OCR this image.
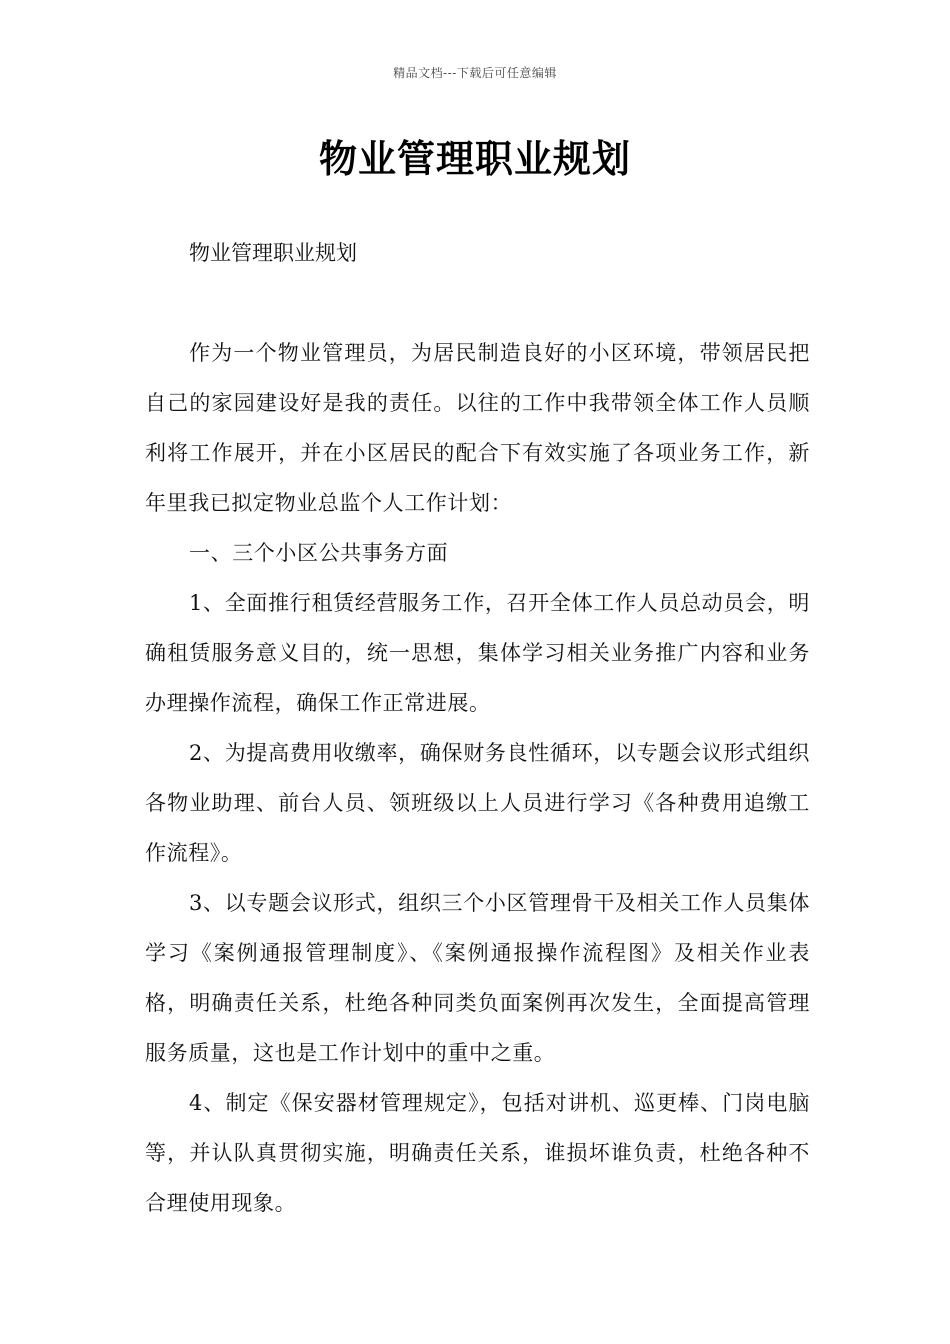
精品文档---下载后可任意编辑
物业管理职业规划

物业管理职业规划

作为一个物业管理员，为居民制造良好的小区环境，带领居民把自己的家园建设好是我的责任。以往的工作中我带领全体工作人员顺利将工作展开，并在小区居民的配合下有效实施了各项业务工作，新年里我已拟定物业总监个人工作计划：

一、三个小区公共事务方面

1、全面推行租赁经营服务工作，召开全体工作人员总动员会，明确租赁服务意义目的，统一思想，集体学习相关业务推广内容和业务办理操作流程，确保工作正常进展。

2、为提高费用收缴率，确保财务良性循环，以专题会议形式组织各物业助理、前台人员、领班级以上人员进行学习《各种费用追缴工作流程》。

3、以专题会议形式，组织三个小区管理骨干及相关工作人员集体学习《案例通报管理制度》、《案例通报操作流程图》及相关作业表格，明确责任关系，杜绝各种同类负面案例再次发生，全面提高管理服务质量，这也是工作计划中的重中之重。

4、制定《保安器材管理规定》，包括对讲机、巡更棒、门岗电脑等，并认队真贯彻实施，明确责任关系，谁损坏谁负责，杜绝各种不合理使用现象。
